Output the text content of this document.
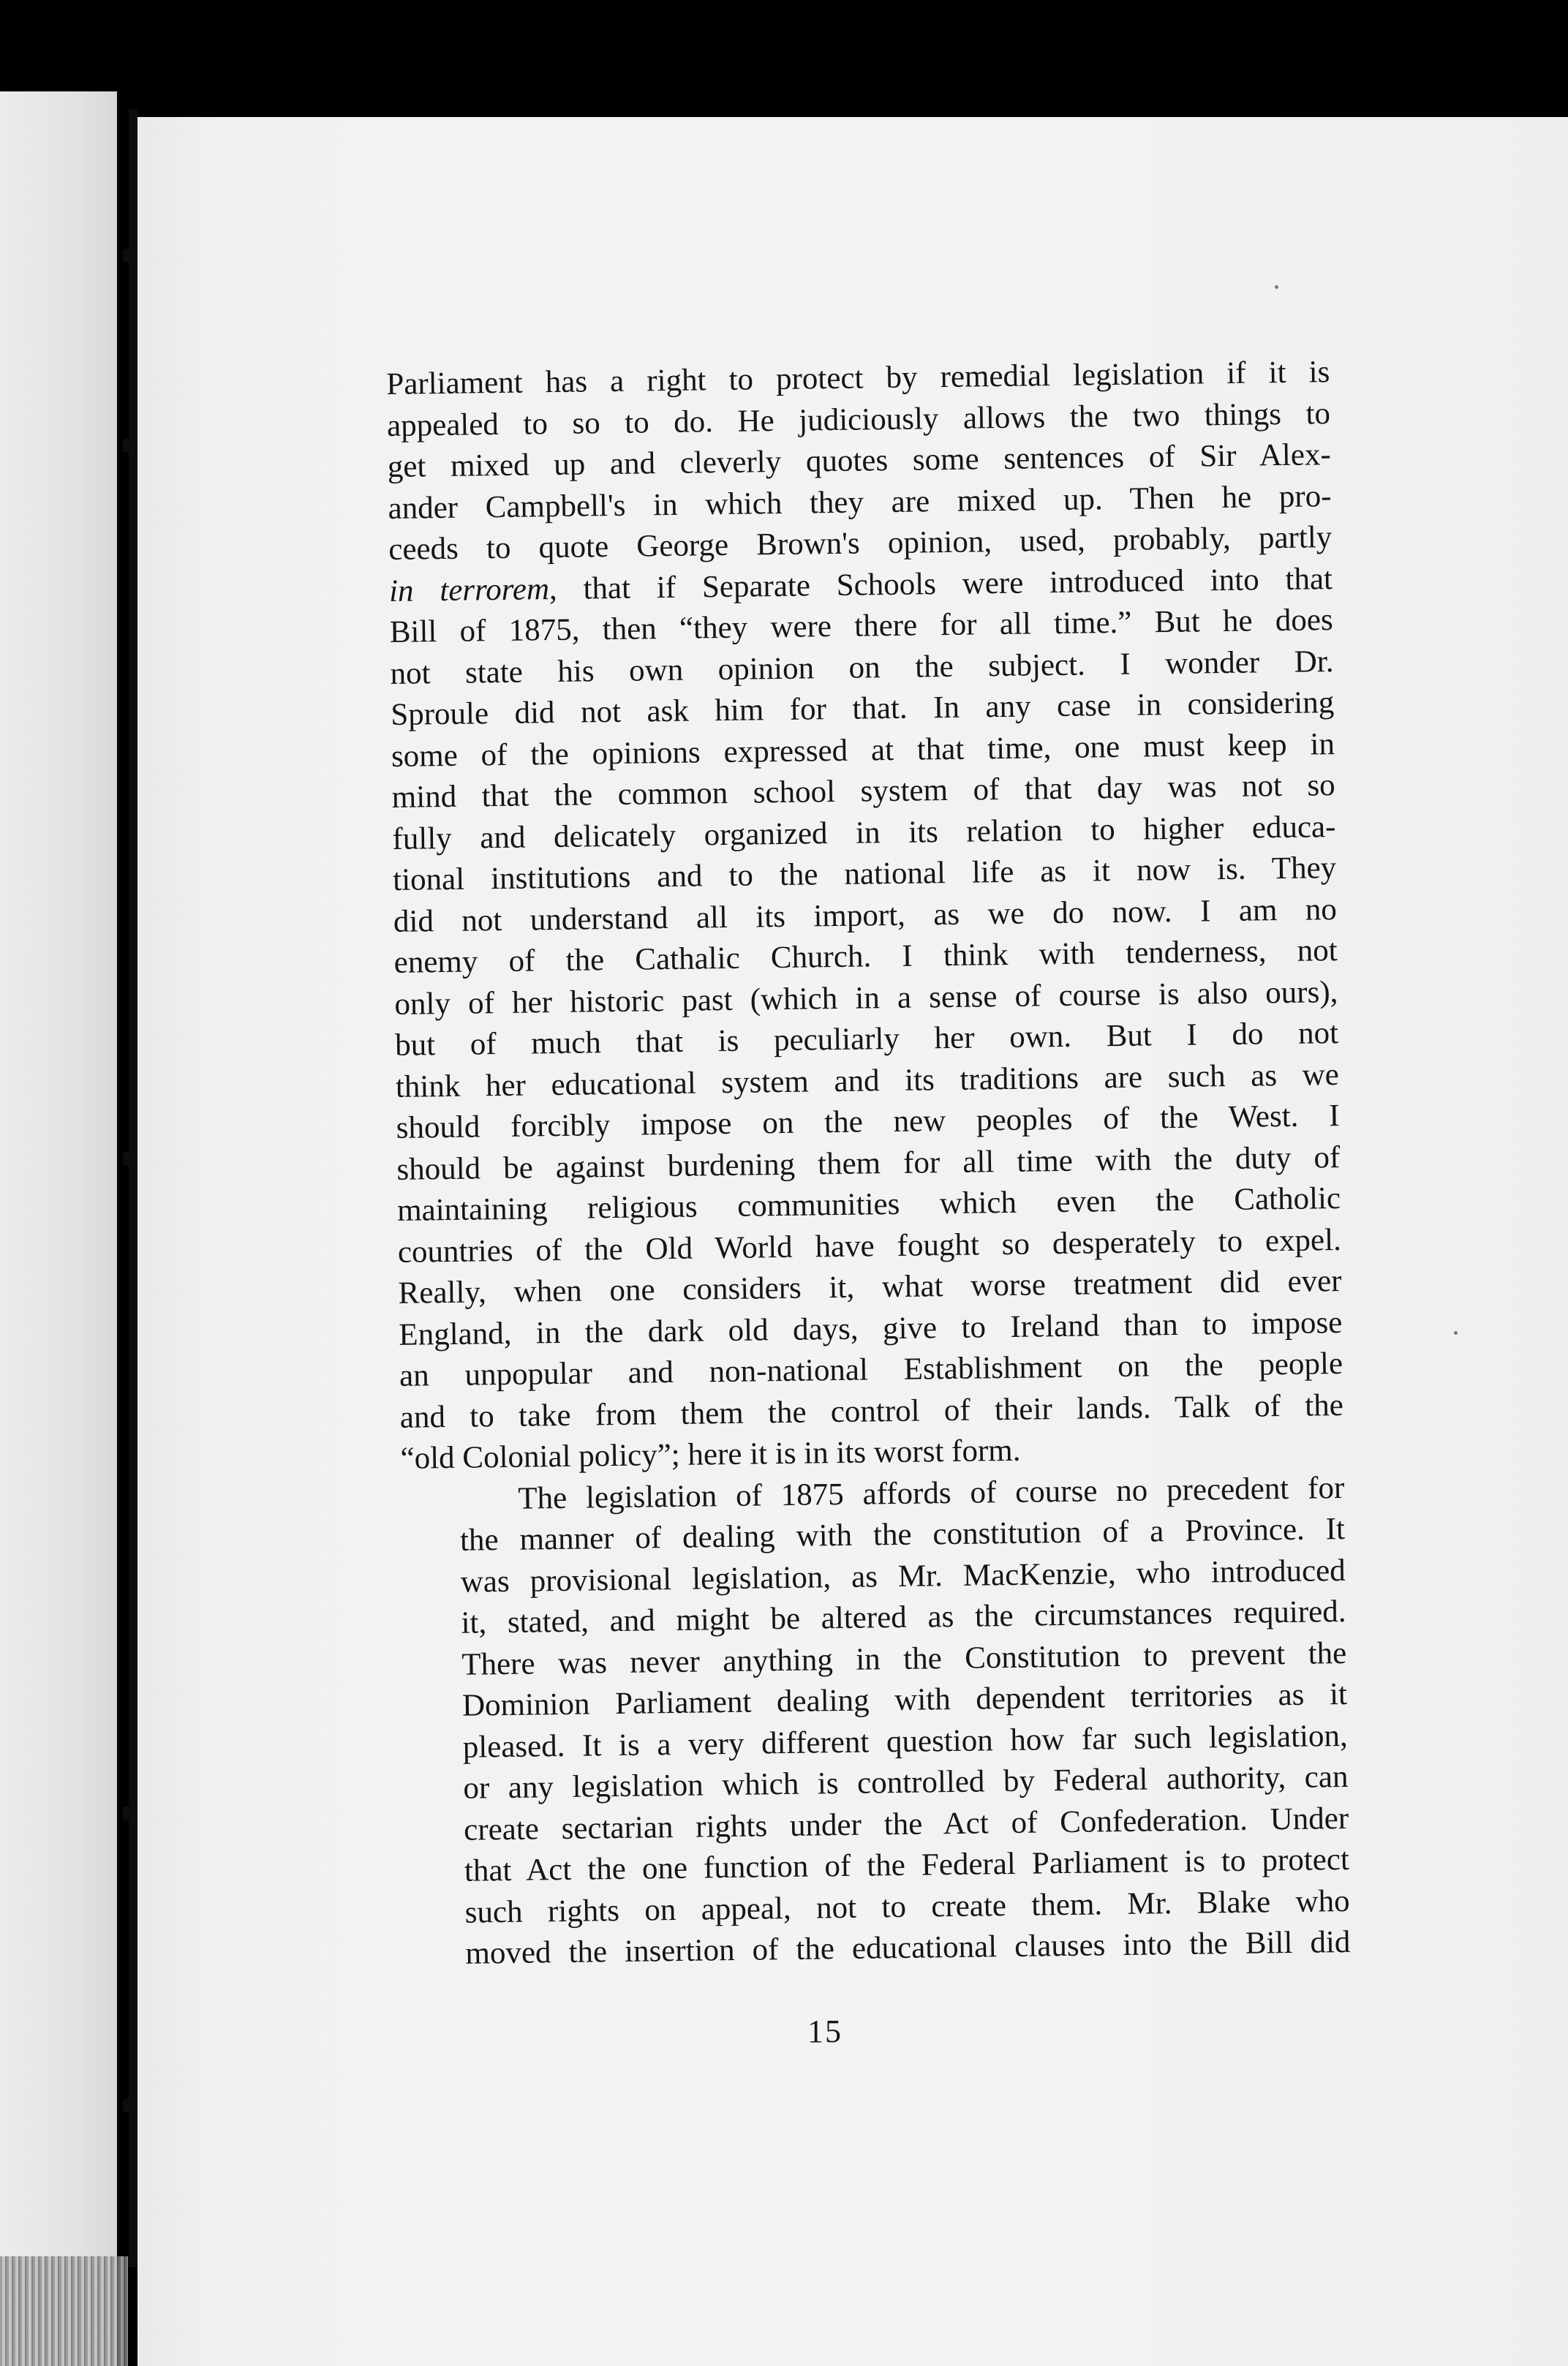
Parliament has a right to protect by remedial legislation if it is
appealed to so to do. He judiciously allows the two things to
get mixed up and cleverly quotes some sentences of Sir Alex-
ander Campbell's in which they are mixed up. Then he pro-
ceeds to quote George Brown's opinion, used, probably, partly
in terrorem, that if Separate Schools were introduced into that
Bill of 1875, then “they were there for all time.” But he does
not state his own opinion on the subject. I wonder Dr.
Sproule did not ask him for that. In any case in considering
some of the opinions expressed at that time, one must keep in
mind that the common school system of that day was not so
fully and delicately organized in its relation to higher educa-
tional institutions and to the national life as it now is. They
did not understand all its import, as we do now. I am no
enemy of the Cathalic Church. I think with tenderness, not
only of her historic past (which in a sense of course is also ours),
but of much that is peculiarly her own. But I do not
think her educational system and its traditions are such as we
should forcibly impose on the new peoples of the West. I
should be against burdening them for all time with the duty of
maintaining religious communities which even the Catholic
countries of the Old World have fought so desperately to expel.
Really, when one considers it, what worse treatment did ever
England, in the dark old days, give to Ireland than to impose
an unpopular and non-national Establishment on the people
and to take from them the control of their lands. Talk of the
“old Colonial policy”; here it is in its worst form.

The legislation of 1875 affords of course no precedent for
the manner of dealing with the constitution of a Province. It
was provisional legislation, as Mr. MacKenzie, who introduced
it, stated, and might be altered as the circumstances required.
There was never anything in the Constitution to prevent the
Dominion Parliament dealing with dependent territories as it
pleased. It is a very different question how far such legislation,
or any legislation which is controlled by Federal authority, can
create sectarian rights under the Act of Confederation. Under
that Act the one function of the Federal Parliament is to protect
such rights on appeal, not to create them. Mr. Blake who
moved the insertion of the educational clauses into the Bill did

15
